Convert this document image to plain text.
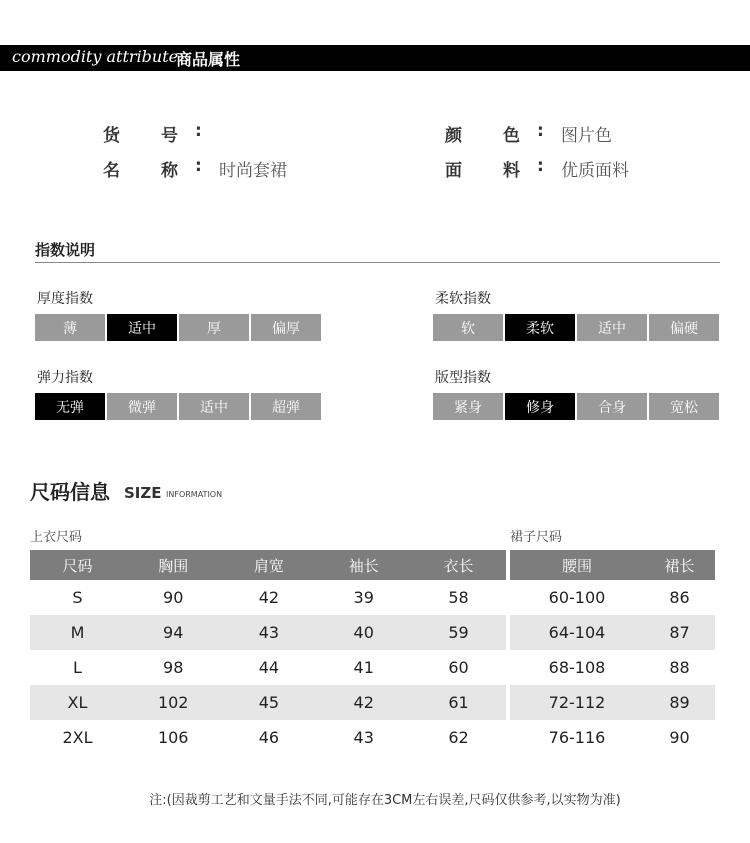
commodity attribute
商品属性
货 号 :
名 称 : 时尚套裙
颜 色 : 图片色
面 料 : 优质面料
指数说明
厚度指数
薄	适中	厚	偏厚
柔软指数
软	柔软	适中	偏硬
弹力指数
无弹	微弹	适中	超弹
版型指数
紧身	修身	合身	宽松
尺码信息 SIZE INFORMATION
上衣尺码	裙子尺码
尺码	胸围	肩宽	袖长	衣长
S	90	42	39	58
M	94	43	40	59
L	98	44	41	60
XL	102	45	42	61
2XL	106	46	43	62
腰围	裙长
60-100	86
64-104	87
68-108	88
72-112	89
76-116	90
注:(因裁剪工艺和文量手法不同,可能存在3CM左右误差,尺码仅供参考,以实物为准)
